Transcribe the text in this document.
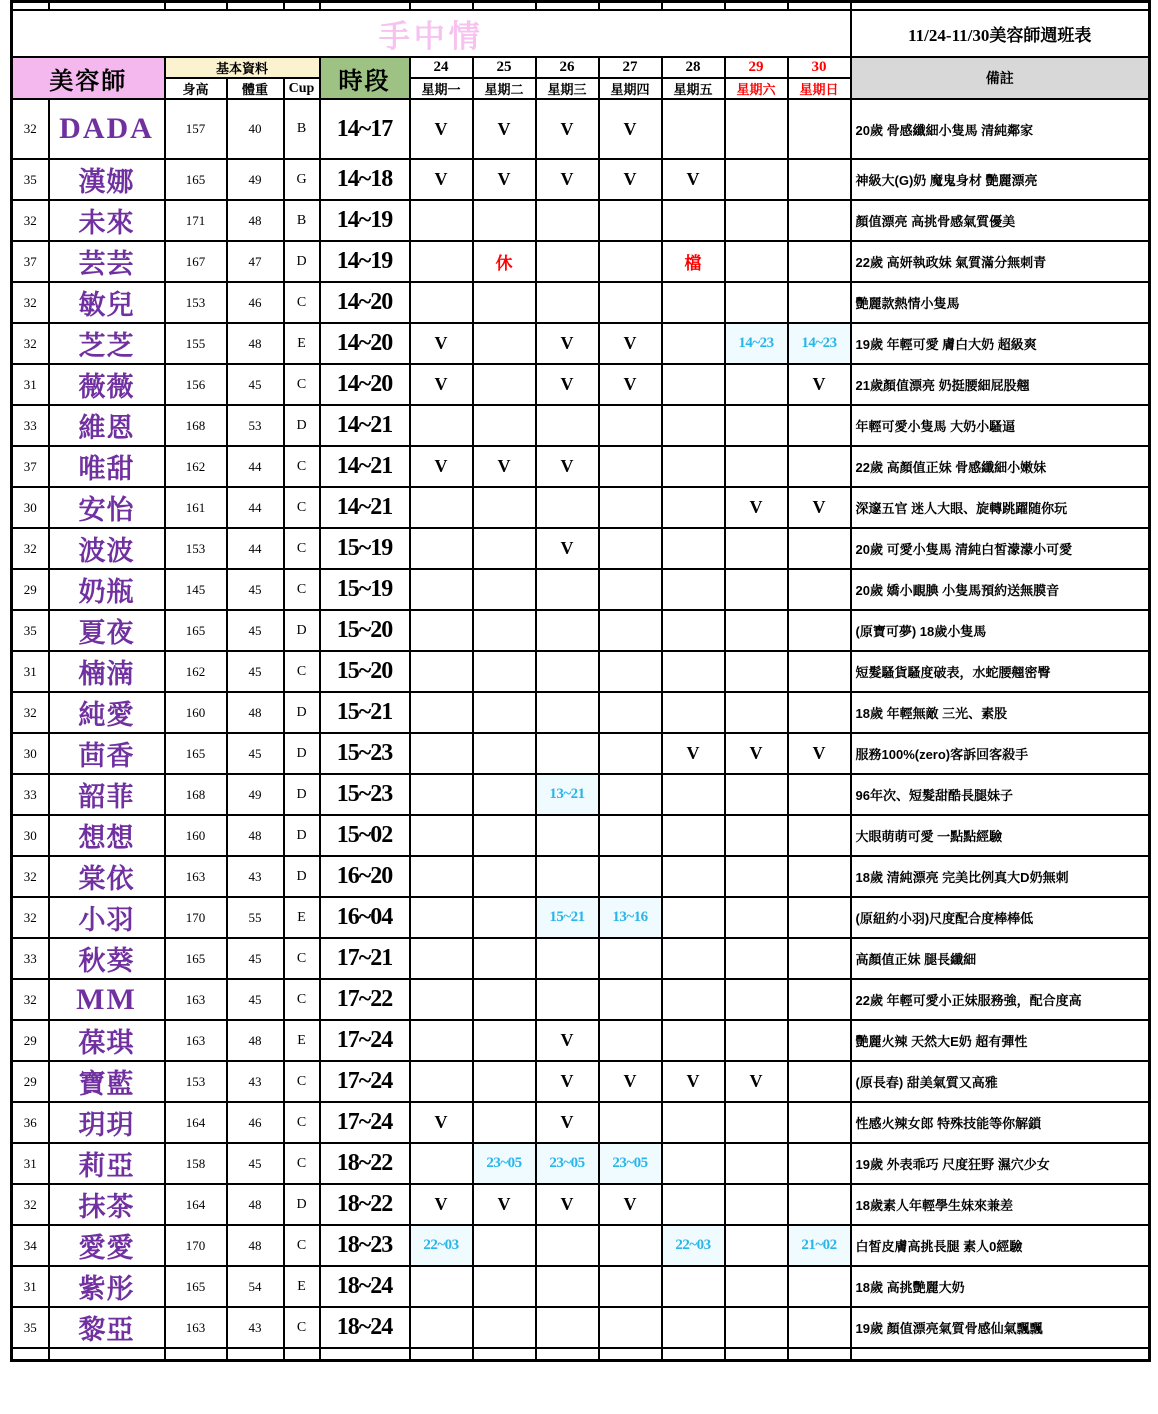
手中情													11/24-11/30美容師週班表
美容師		基本資料			時段	24	25	26	27	28	29	30	備註
		身高	體重	Cup		星期一	星期二	星期三	星期四	星期五	星期六	星期日	
32	DADA	157	40	B	14~17	V	V	V	V				20歲 骨感纖細小隻馬 清純鄰家
35	漢娜	165	49	G	14~18	V	V	V	V	V			神級大(G)奶 魔鬼身材 艷麗漂亮
32	未來	171	48	B	14~19								顏值漂亮 高挑骨感氣質優美
37	芸芸	167	47	D	14~19		休			檔			22歲 高妍執政妹 氣質滿分無刺青
32	敏兒	153	46	C	14~20								艷麗款熱情小隻馬
32	芝芝	155	48	E	14~20	V		V	V		14~23	14~23	19歲 年輕可愛 膚白大奶 超級爽
31	薇薇	156	45	C	14~20	V		V	V			V	21歲顏值漂亮 奶挺腰細屁股翹
33	維恩	168	53	D	14~21								年輕可愛小隻馬 大奶小騷逼
37	唯甜	162	44	C	14~21	V	V	V					22歲 高顏值正妹 骨感纖細小嫩妹
30	安怡	161	44	C	14~21						V	V	深邃五官 迷人大眼、旋轉跳躍随你玩
32	波波	153	44	C	15~19			V					20歲 可愛小隻馬 清純白皙濛濛小可愛
29	奶瓶	145	45	C	15~19								20歲 嬌小靦腆 小隻馬預約送無膜音
35	夏夜	165	45	D	15~20								(原寶可夢) 18歲小隻馬
31	楠湳	162	45	C	15~20								短髮騷貨騷度破表，水蛇腰翹密臀
32	純愛	160	48	D	15~21								18歲 年輕無敵 三光、素股
30	茴香	165	45	D	15~23					V	V	V	服務100%(zero)客訴回客殺手
33	韶菲	168	49	D	15~23			13~21					96年次、短髮甜酷長腿妹子
30	想想	160	48	D	15~02								大眼萌萌可愛 一點點經驗
32	棠依	163	43	D	16~20								18歲 清純漂亮 完美比例真大D奶無刺
32	小羽	170	55	E	16~04			15~21	13~16				(原紐約小羽)尺度配合度棒棒低
33	秋葵	165	45	C	17~21								高顏值正妹 腿長纖細
32	MM	163	45	C	17~22								22歲 年輕可愛小正妹服務強，配合度高
29	葆琪	163	48	E	17~24			V					艷麗火辣 天然大E奶 超有彈性
29	寶藍	153	43	C	17~24			V	V	V	V		(原長春) 甜美氣質又高雅
36	玥玥	164	46	C	17~24	V		V					性感火辣女郎 特殊技能等你解鎖
31	莉亞	158	45	C	18~22		23~05	23~05	23~05				19歲 外表乖巧 尺度狂野 濕穴少女
32	抹茶	164	48	D	18~22	V	V	V	V				18歲素人年輕學生妹來兼差
34	愛愛	170	48	C	18~23	22~03				22~03		21~02	白皙皮膚高挑長腿 素人0經驗
31	紫彤	165	54	E	18~24								18歲 高挑艷麗大奶
35	黎亞	163	43	C	18~24								19歲 顏值漂亮氣質骨感仙氣飄飄
